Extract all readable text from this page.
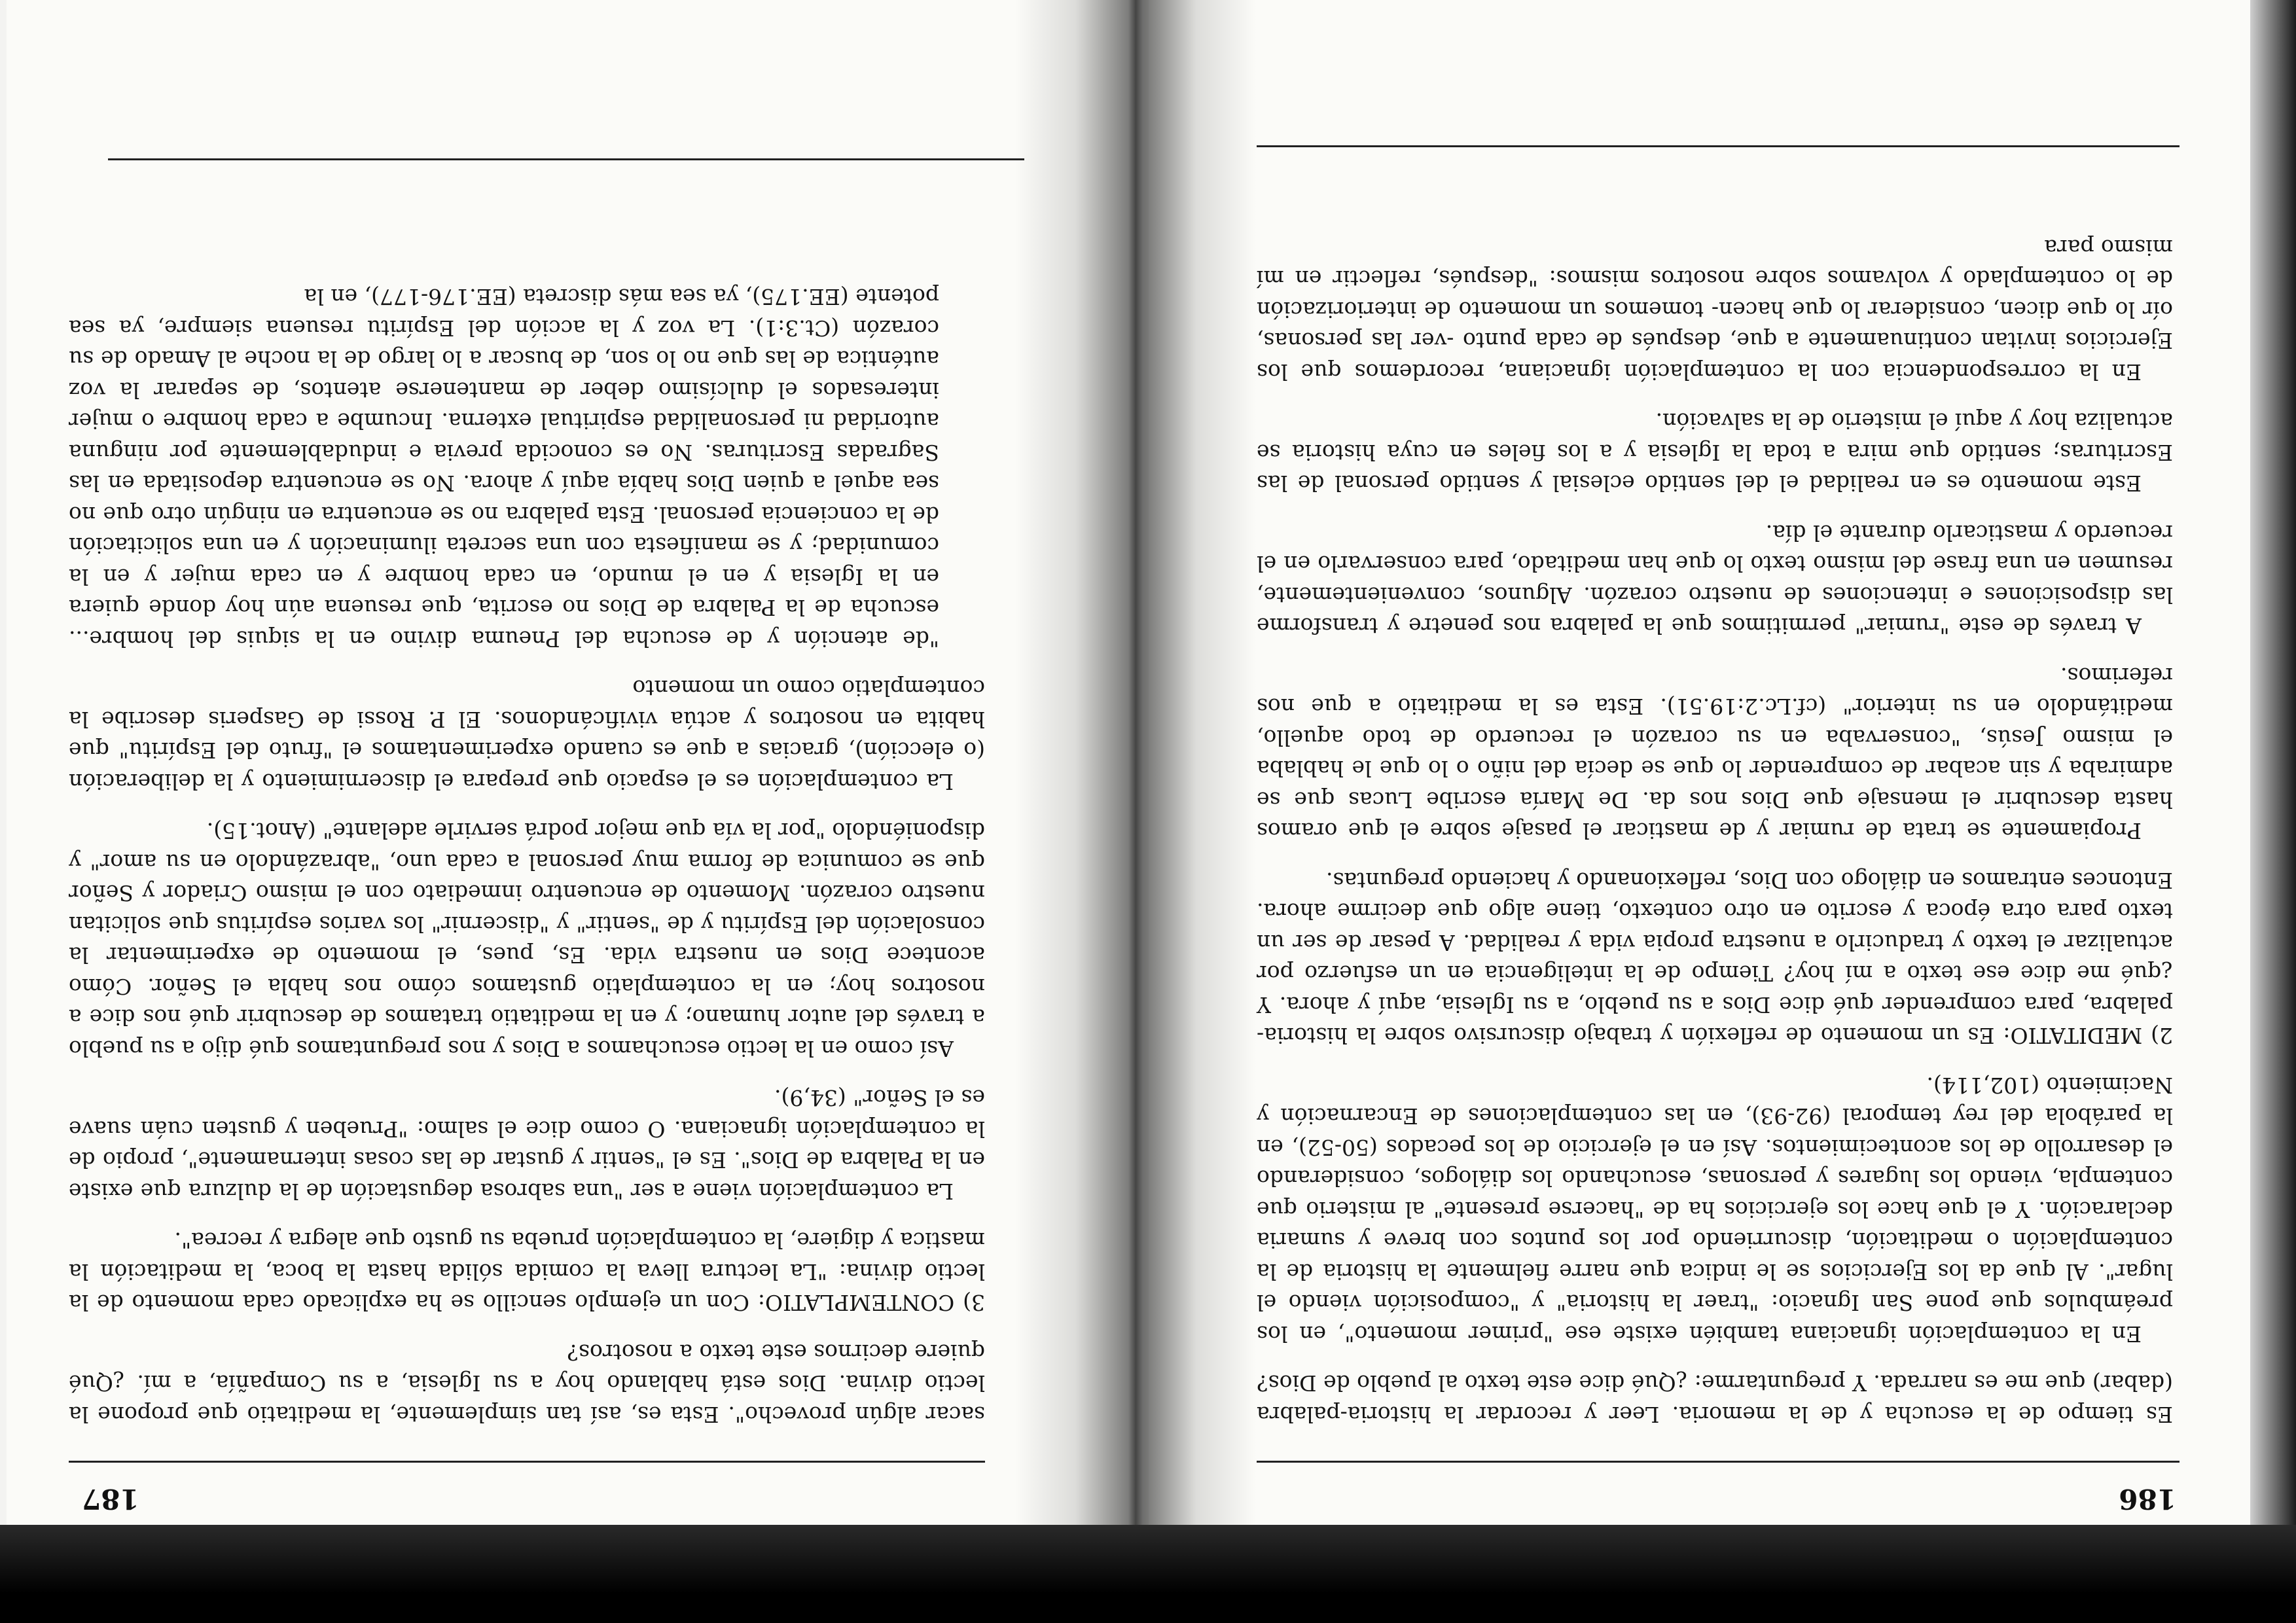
186

Es tiempo de la escucha y de la memoria. Leer y recordar la historia-palabra (dabar) que me es narrada. Y preguntarme: ¿Qué dice este texto al pueblo de Dios?

En la contemplación ignaciana también existe ese "primer momento", en los preámbulos que pone San Ignacio: "traer la historia" y "composición viendo el lugar". Al que da los Ejercicios se le indica que narre fielmente la historia de la contemplación o meditación, discurriendo por los puntos con breve y sumaria declaración. Y el que hace los ejercicios ha de "hacerse presente" al misterio que contempla, viendo los lugares y personas, escuchando los diálogos, considerando el desarrollo de los acontecimientos. Así en el ejercicio de los pecados (50-52), en la parábola del rey temporal (92-93), en las contemplaciones de Encarnación y Nacimiento (102,114).

2) MEDITATIO: Es un momento de reflexión y trabajo discursivo sobre la historia-palabra, para comprender qué dice Dios a su pueblo, a su Iglesia, aquí y ahora. Y ¿qué me dice ese texto a mí hoy? Tiempo de la inteligencia en un esfuerzo por actualizar el texto y traducirlo a nuestra propia vida y realidad. A pesar de ser un texto para otra época y escrito en otro contexto, tiene algo que decirme ahora. Entonces entramos en diálogo con Dios, reflexionando y haciendo preguntas.

Propiamente se trata de rumiar y de masticar el pasaje sobre el que oramos hasta descubrir el mensaje que Dios nos da. De María escribe Lucas que se admiraba y sin acabar de comprender lo que se decía del niño o lo que le hablaba el mismo Jesús, "conservaba en su corazón el recuerdo de todo aquello, meditándolo en su interior" (cf.Lc.2:19.51). Esta es la meditatio a que nos referimos.

A través de este "rumiar" permitimos que la palabra nos penetre y transforme las disposiciones e intenciones de nuestro corazón. Algunos, convenientemente, resumen en una frase del mismo texto lo que han meditado, para conservarlo en el recuerdo y masticarlo durante el día.

Este momento es en realidad el del sentido eclesial y sentido personal de las Escrituras; sentido que mira a toda la Iglesia y a los fieles en cuya historia se actualiza hoy y aquí el misterio de la salvación.

En la correspondencia con la contemplación ignaciana, recordemos que los Ejercicios invitan continuamente a que, después de cada punto -ver las personas, oír lo que dicen, considerar lo que hacen- tomemos un momento de interiorización de lo contemplado y volvamos sobre nosotros mismos: "después, reflectir en mí mismo para

187

sacar algún provecho". Esta es, así tan simplemente, la meditatio que propone la lectio divina. Dios está hablando hoy a su Iglesia, a su Compañía, a mí. ¿Qué quiere decirnos este texto a nosotros?

3) CONTEMPLATIO: Con un ejemplo sencillo se ha explicado cada momento de la lectio divina: "La lectura lleva la comida sólida hasta la boca, la meditación la mastica y digiere, la contemplación prueba su gusto que alegra y recrea".

La contemplación viene a ser "una sabrosa degustación de la dulzura que existe en la Palabra de Dios". Es el "sentir y gustar de las cosas internamente", propio de la contemplación ignaciana. O como dice el salmo: "Prueben y gusten cuán suave es el Señor" (34,9).

Así como en la lectio escuchamos a Dios y nos preguntamos qué dijo a su pueblo a través del autor humano; y en la meditatio tratamos de descubrir qué nos dice a nosotros hoy; en la contemplatio gustamos cómo nos habla el Señor. Cómo acontece Dios en nuestra vida. Es, pues, el momento de experimentar la consolación del Espíritu y de "sentir" y "discernir" los varios espíritus que solicitan nuestro corazón. Momento de encuentro inmediato con el mismo Criador y Señor que se comunica de forma muy personal a cada uno, "abrazándolo en su amor" y disponiéndolo "por la vía que mejor podrá servirle adelante" (Anot.15).

La contemplación es el espacio que prepara el discernimiento y la deliberación (o elección), gracias a que es cuando experimentamos el "fruto del Espíritu" que habita en nosotros y actúa vivificándonos. El P. Rossi de Gasperis describe la contemplatio como un momento

"de atención y de escucha del Pneuma divino en la siquis del hombre... escucha de la Palabra de Dios no escrita, que resuena aún hoy donde quiera en la Iglesia y en el mundo, en cada hombre y en cada mujer y en la comunidad; y se manifiesta con una secreta iluminación y en una solicitación de la conciencia personal. Esta palabra no se encuentra en ningún otro que no sea aquel a quien Dios había aquí y ahora. No se encuentra depositada en las Sagradas Escrituras. No es conocida previa e indudablemente por ninguna autoridad ni personalidad espiritual externa. Incumbe a cada hombre o mujer interesados el dulcísimo deber de mantenerse atentos, de separar la voz auténtica de las que no lo son, de buscar a lo largo de la noche al Amado de su corazón (Ct.3:1). La voz y la acción del Espíritu resuena siempre, ya sea potente (EE.175), ya sea más discreta (EE.176-177), en la
